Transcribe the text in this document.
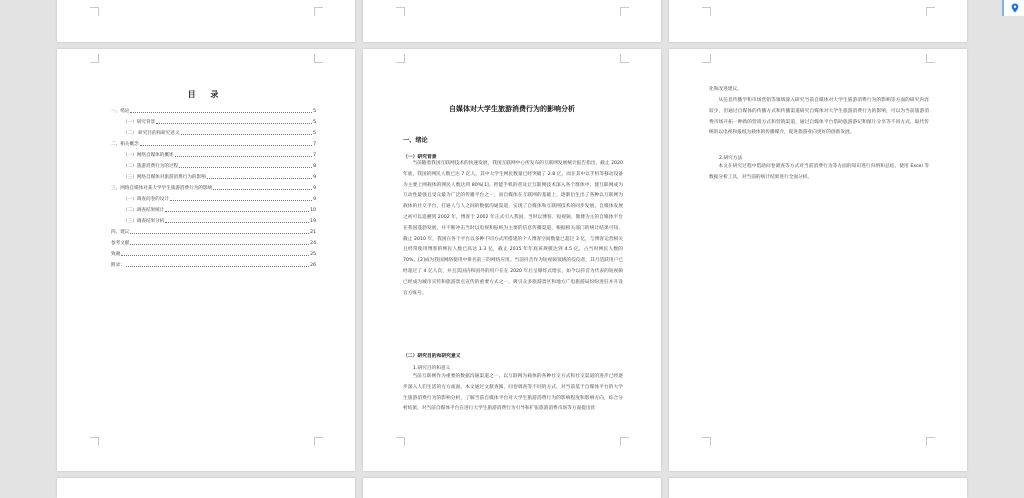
目 录
一、绪论	5
（一）研究背景	5
（二） 研究目的和研究意义	5
二、相关概念	7
（一）网络自媒体的概述	7
（二）旅游消费行为的过程	8
（三）网络自媒体对旅游消费行为的影响	9
三、网络自媒体对某大学学生旅游消费行为的影响	9
（一）调查问卷的设计	9
（二）调查结果统计	10
（三）调查结果分析	19
四、建议	21
参考文献	24
致谢	25
附录：	26
自媒体对大学生旅游消费行为的影响分析
一、绪论
（一）研究背景
当前随着我国互联网技术的快速发展，我国互联网中心所发布的互联网发展统计报告指出，截止 2020 年底，我国的网民人数已达 7 亿人，其中大学生网民数量已经突破了 2.8 亿，而在其中以手机等移动设备为主要上网载体的网民人数达到 80%[1]。智能手机的普及让互联网技术深入各个群体中，使互联网成为互动性最强且受众最为广泛的传播平台之一，而自媒体在互联网的基础上，逐渐衍生出了各种以互联网为载体的社交平台，打通人与人之间的数据沟通渠道，实现了自媒体和互联网技术的同步发展。自媒体发展之初可以追溯到 2002 年，博客于 2002 年正式引入我国，当时以博客、短视频、微博为主的自媒体平台在我国蓬勃发展，并不断冲击当时以电视和报纸为主要的信息传播渠道。根据相关部门的统计结果可知，截止 2010 年，我国在各个平台以多种不同方式所搭建的个人博客空间数量已超过 3 亿，与博客运营相关且经常使用博客的网民人数已高达 1.3 亿，截止 2015 年年底该规模达到 4.5 亿，占当时网民人数的 70%，[2]成为我国网络使用中排名前三的网络应用。当前抖音作为短视频领域的佼佼者，其月活跃用户已经超过了 4 亿人次，并且其国内和国外的用户在在 2020 年后呈爆炸式增长，如今以抖音为代表的短视频已经成为城市宣传和旅游景点宣传的重要方式之一，吸引众多旅游景区和地方广电旅游局纷纷进驻并开设官方账号。
（二）研究目的和研究意义
1.研究目的和意义
当前互联网作为重要的数据沟通渠道之一，以互联网为载体的各种社交方式和社交渠道的进步已经逐步深入人们生活的方方面面，本文通过文献查阅、问卷调查等不同的方式，对当前基于自媒体平台的大学生旅游消费行为的影响分析，了解当前自媒体平台对大学生旅游消费行为的影响程度和影响方向，综合分析结果，对当前自媒体平台在进行大学生旅游消费行为引导和扩张旅游消费市场等方面提出优
化和改进建议。
从信息传播学和市场营销等领域深入研究当前自媒体对大学生旅游消费行为的影响等方面的研究内容较少，但通过自媒体的传播方式和传播渠道研究自媒体对大学生旅游消费行为的影响，可以为当前旅游消费市场开拓一种新的营销方式和营销渠道，通过自媒体平台借助旅游游记和图片分享等不同方式，取代传统的以电视和报纸为载体的传播媒介，促进旅游业向更好的创新发展。
2.研究方法
本文在研究过程中借助问卷调查等方式对当前消费行为等方面的知识进行归纳和总结，使用 Excel 等数据分析工具，对当前的统计结果进行全面分析。
